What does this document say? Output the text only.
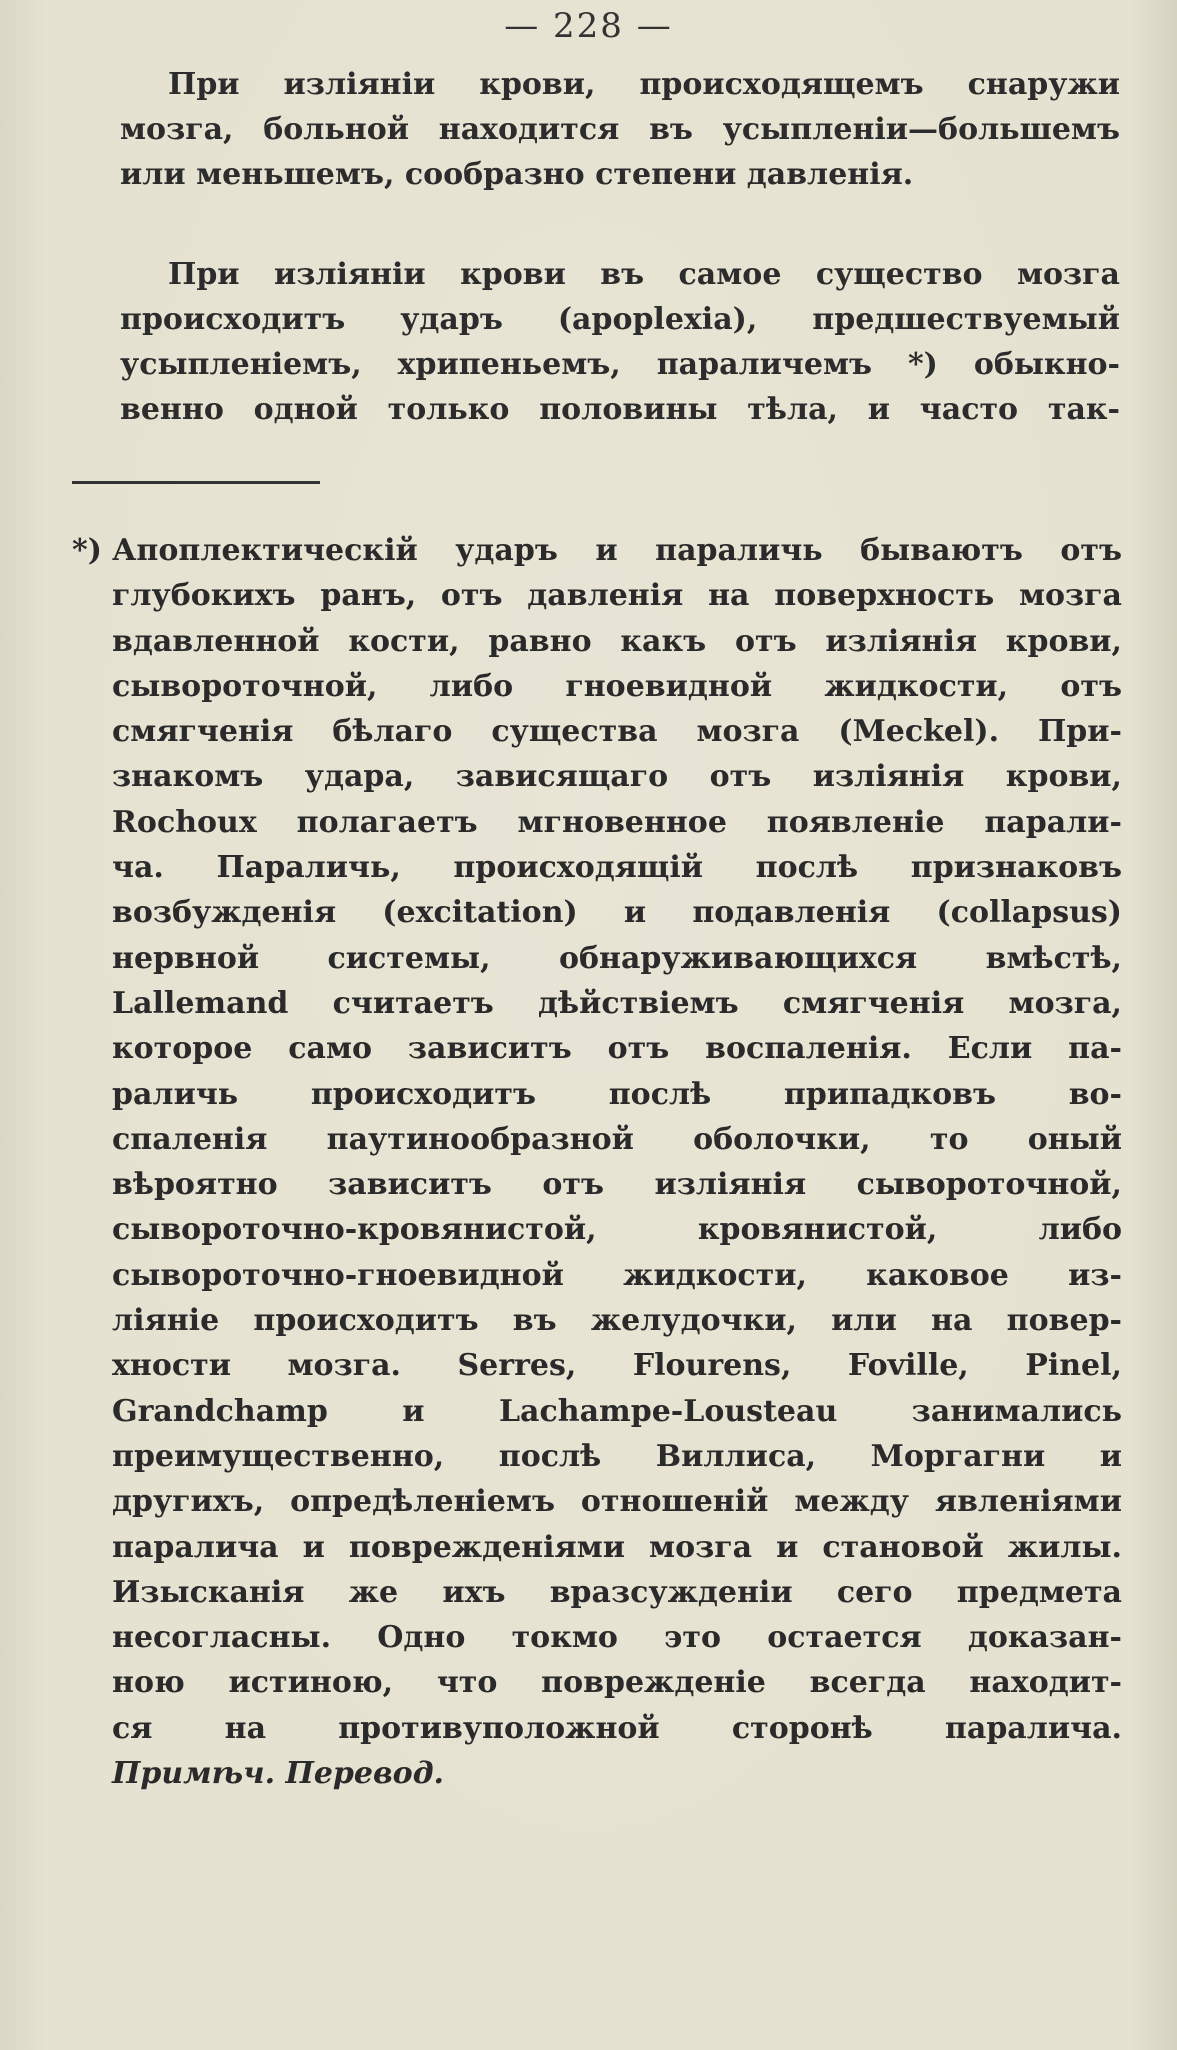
— 228 —
При изліяніи крови, происходящемъ снаружи
мозга, больной находится въ усыпленіи—большемъ
или меньшемъ, сообразно степени давленія.
При изліяніи крови въ самое существо мозга
происходитъ ударъ (apoplexia), предшествуемый
усыпленіемъ, хрипеньемъ, параличемъ *) обыкно-
венно одной только половины тѣла, и часто так-
*) Апоплектическій ударъ и параличь бываютъ отъ
глубокихъ ранъ, отъ давленія на поверхность мозга
вдавленной кости, равно какъ отъ изліянія крови,
сывороточной, либо гноевидной жидкости, отъ
смягченія бѣлаго существа мозга (Meckel). При-
знакомъ удара, зависящаго отъ изліянія крови,
Rochoux полагаетъ мгновенное появленіе парали-
ча. Параличь, происходящій послѣ признаковъ
возбужденія (excitation) и подавленія (collapsus)
нервной системы, обнаруживающихся вмѣстѣ,
Lallemand считаетъ дѣйствіемъ смягченія мозга,
которое само зависитъ отъ воспаленія. Если па-
раличь происходитъ послѣ припадковъ во-
спаленія паутинообразной оболочки, то оный
вѣроятно зависитъ отъ изліянія сывороточной,
сывороточно-кровянистой, кровянистой, либо
сывороточно-гноевидной жидкости, каковое из-
ліяніе происходитъ въ желудочки, или на повер-
хности мозга. Serres, Flourens, Foville, Pinel,
Grandchamp и Lachampe-Lousteau занимались
преимущественно, послѣ Виллиса, Моргагни и
другихъ, опредѣленіемъ отношеній между явленіями
паралича и повреждeніями мозга и становой жилы.
Изысканія же ихъ вразсужденіи сего предмета
несогласны. Одно токмо это остается доказан-
ною истиною, что поврежденіе всегда находит-
ся на противуположной сторонѣ паралича.
Примѣч. Перевод.
